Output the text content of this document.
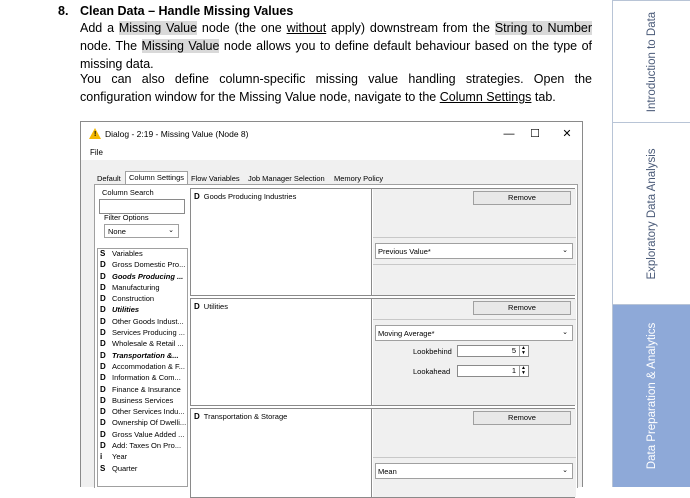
8. Clean Data – Handle Missing Values
Add a Missing Value node (the one without apply) downstream from the String to Number node. The Missing Value node allows you to define default behaviour based on the type of missing data.
You can also define column-specific missing value handling strategies. Open the configuration window for the Missing Value node, navigate to the Column Settings tab.	Introduction to Data
Exploratory Data Analysis
Data Preparation & Analytics
! Dialog - 2:19 - Missing Value (Node 8)	—	☐	✕
File
Default	Column Settings Flow Variables	Job Manager Selection	Memory Policy
Column Search
Filter Options
None	⌄
S Variables
D Gross Domestic Pro...
D Goods Producing ...
D Manufacturing
D Construction
D Utilities
D Other Goods Indust...
D Services Producing ...
D Wholesale & Retail ...
D Transportation &...
D Accommodation & F...
D Information & Com...
D Finance & Insurance
D Business Services
D Other Services Indu...
D Ownership Of Dwelli...
D Gross Value Added ...
D Add: Taxes On Pro...
i Year
S Quarter
D Goods Producing Industries	Remove
Previous Value*	⌄
D Utilities	Remove
Moving Average*	⌄
Lookbehind	5	▲
▼
Lookahead	1	▲
▼
D Transportation & Storage	Remove
Mean	⌄
